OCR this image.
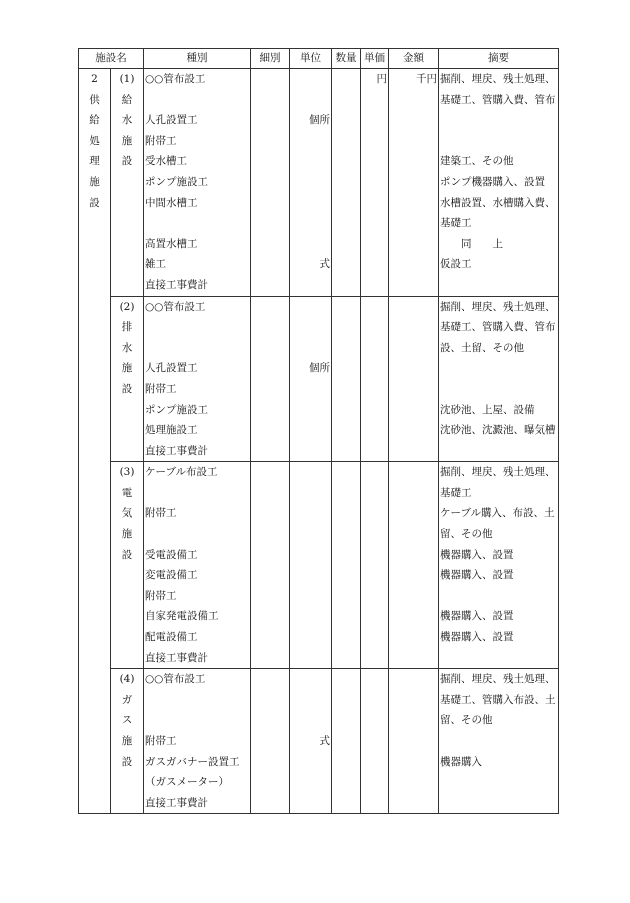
施設名		種別	細別	単位	数量	単価	金額	摘要
2	(1)	○○管布設工				円	千円	掘削、埋戻、残土処理、
供	給							基礎工、管購入費、管布
給	水	人孔設置工		個所				
処	施	附帯工						
理	設	受水槽工						建築工、その他
施		ポンプ施設工						ポンプ機器購入、設置
設		中間水槽工						水槽設置、水槽購入費、
								基礎工
		高置水槽工						　　同　　上
		雑工		式				仮設工
		直接工事費計						
	(2)	○○管布設工						掘削、埋戻、残土処理、
	排							基礎工、管購入費、管布
	水							設、土留、その他
	施	人孔設置工		個所				
	設	附帯工						
		ポンプ施設工						沈砂池、上屋、設備
		処理施設工						沈砂池、沈澱池、曝気槽
		直接工事費計						
	(3)	ケーブル布設工						掘削、埋戻、残土処理、
	電							基礎工
	気	附帯工						ケーブル購入、布設、土
	施							留、その他
	設	受電設備工						機器購入、設置
		変電設備工						機器購入、設置
		附帯工						
		自家発電設備工						機器購入、設置
		配電設備工						機器購入、設置
		直接工事費計						
	(4)	○○管布設工						掘削、埋戻、残土処理、
	ガ							基礎工、管購入布設、土
	ス							留、その他
	施	附帯工		式				
	設	ガスガバナー設置工						機器購入
		（ガスメーター）						
		直接工事費計						
